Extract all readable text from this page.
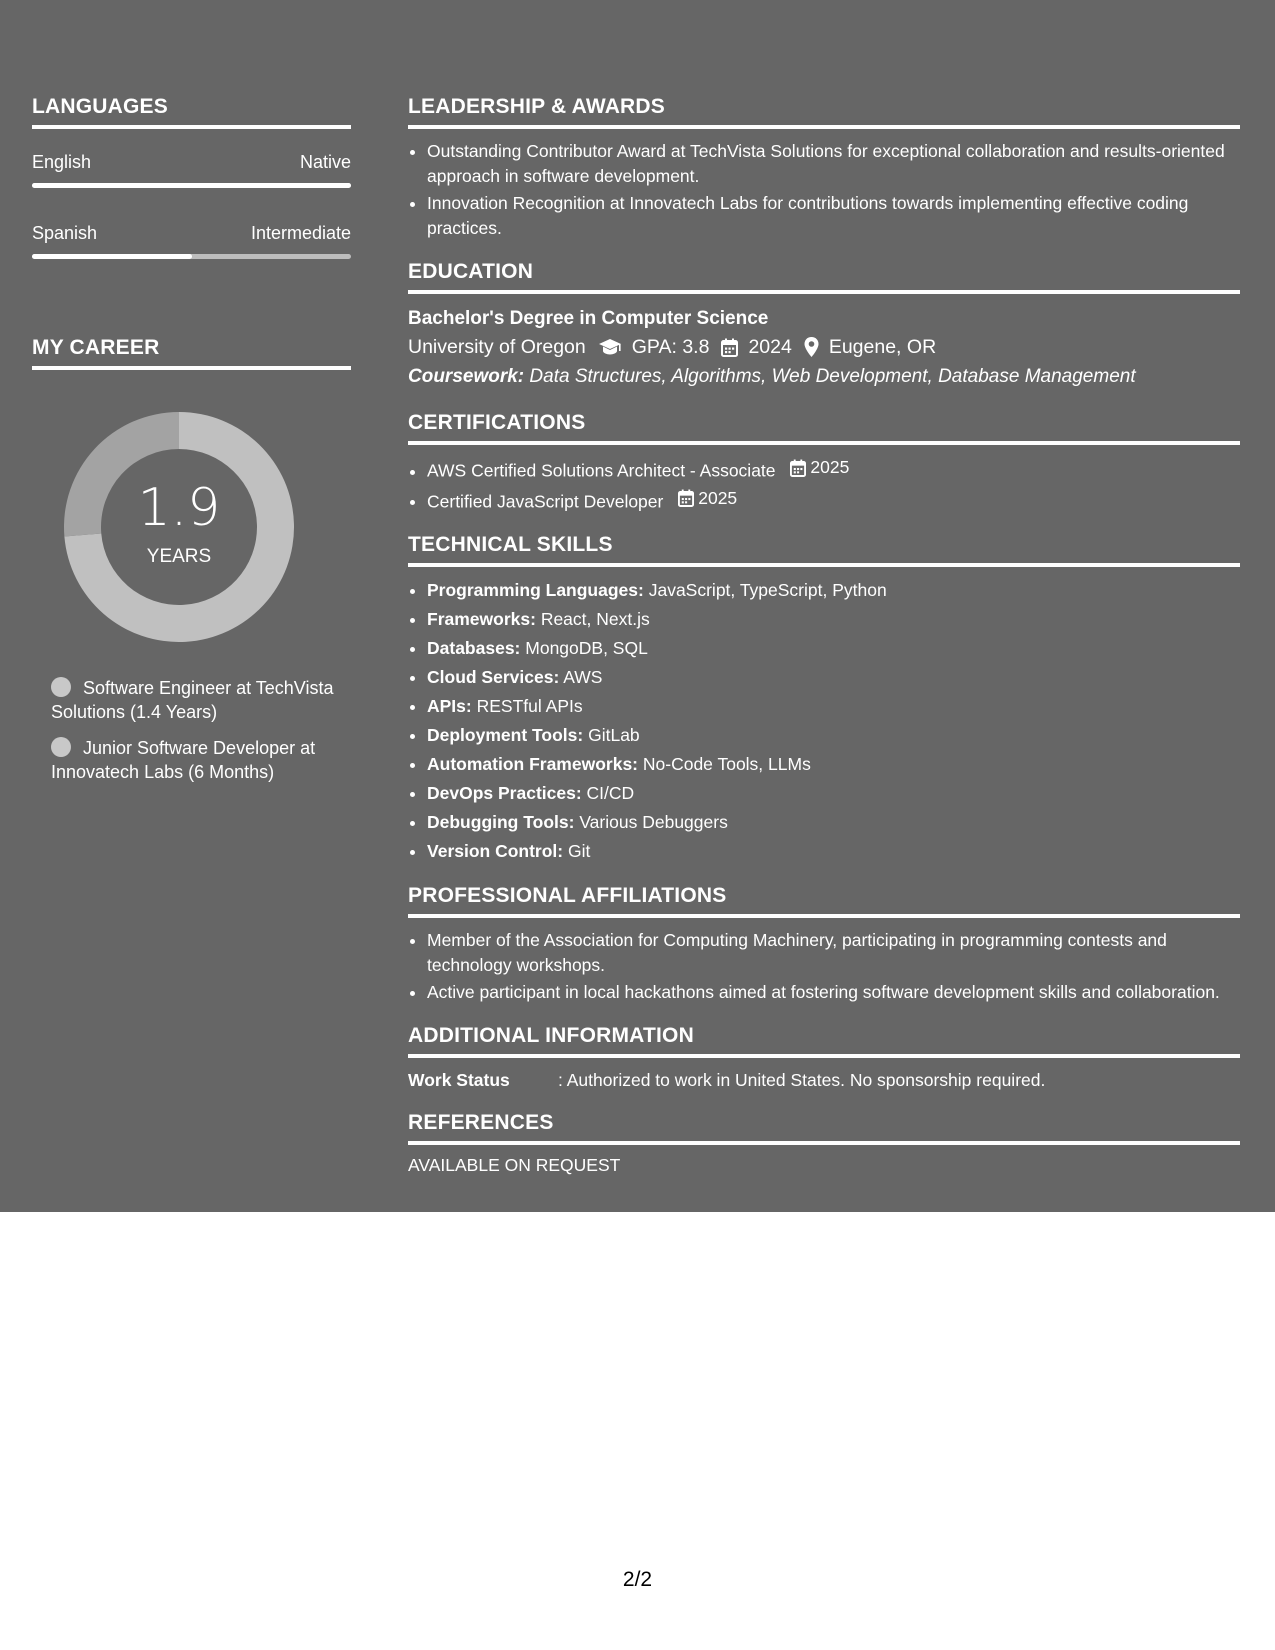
LANGUAGES
English	Native
Spanish	Intermediate
MY CAREER
1.9
YEARS
Software Engineer at TechVista Solutions (1.4 Years)
Junior Software Developer at Innovatech Labs (6 Months)
LEADERSHIP & AWARDS
• Outstanding Contributor Award at TechVista Solutions for exceptional collaboration and results-oriented approach in software development.
• Innovation Recognition at Innovatech Labs for contributions towards implementing effective coding practices.
EDUCATION
Bachelor's Degree in Computer Science
University of Oregon GPA: 3.8 2024 Eugene, OR
Coursework: Data Structures, Algorithms, Web Development, Database Management
CERTIFICATIONS
• AWS Certified Solutions Architect - Associate 2025
• Certified JavaScript Developer 2025
TECHNICAL SKILLS
• Programming Languages: JavaScript, TypeScript, Python
• Frameworks: React, Next.js
• Databases: MongoDB, SQL
• Cloud Services: AWS
• APIs: RESTful APIs
• Deployment Tools: GitLab
• Automation Frameworks: No-Code Tools, LLMs
• DevOps Practices: CI/CD
• Debugging Tools: Various Debuggers
• Version Control: Git
PROFESSIONAL AFFILIATIONS
• Member of the Association for Computing Machinery, participating in programming contests and technology workshops.
• Active participant in local hackathons aimed at fostering software development skills and collaboration.
ADDITIONAL INFORMATION
Work Status	: Authorized to work in United States. No sponsorship required.
REFERENCES
AVAILABLE ON REQUEST
2/2
